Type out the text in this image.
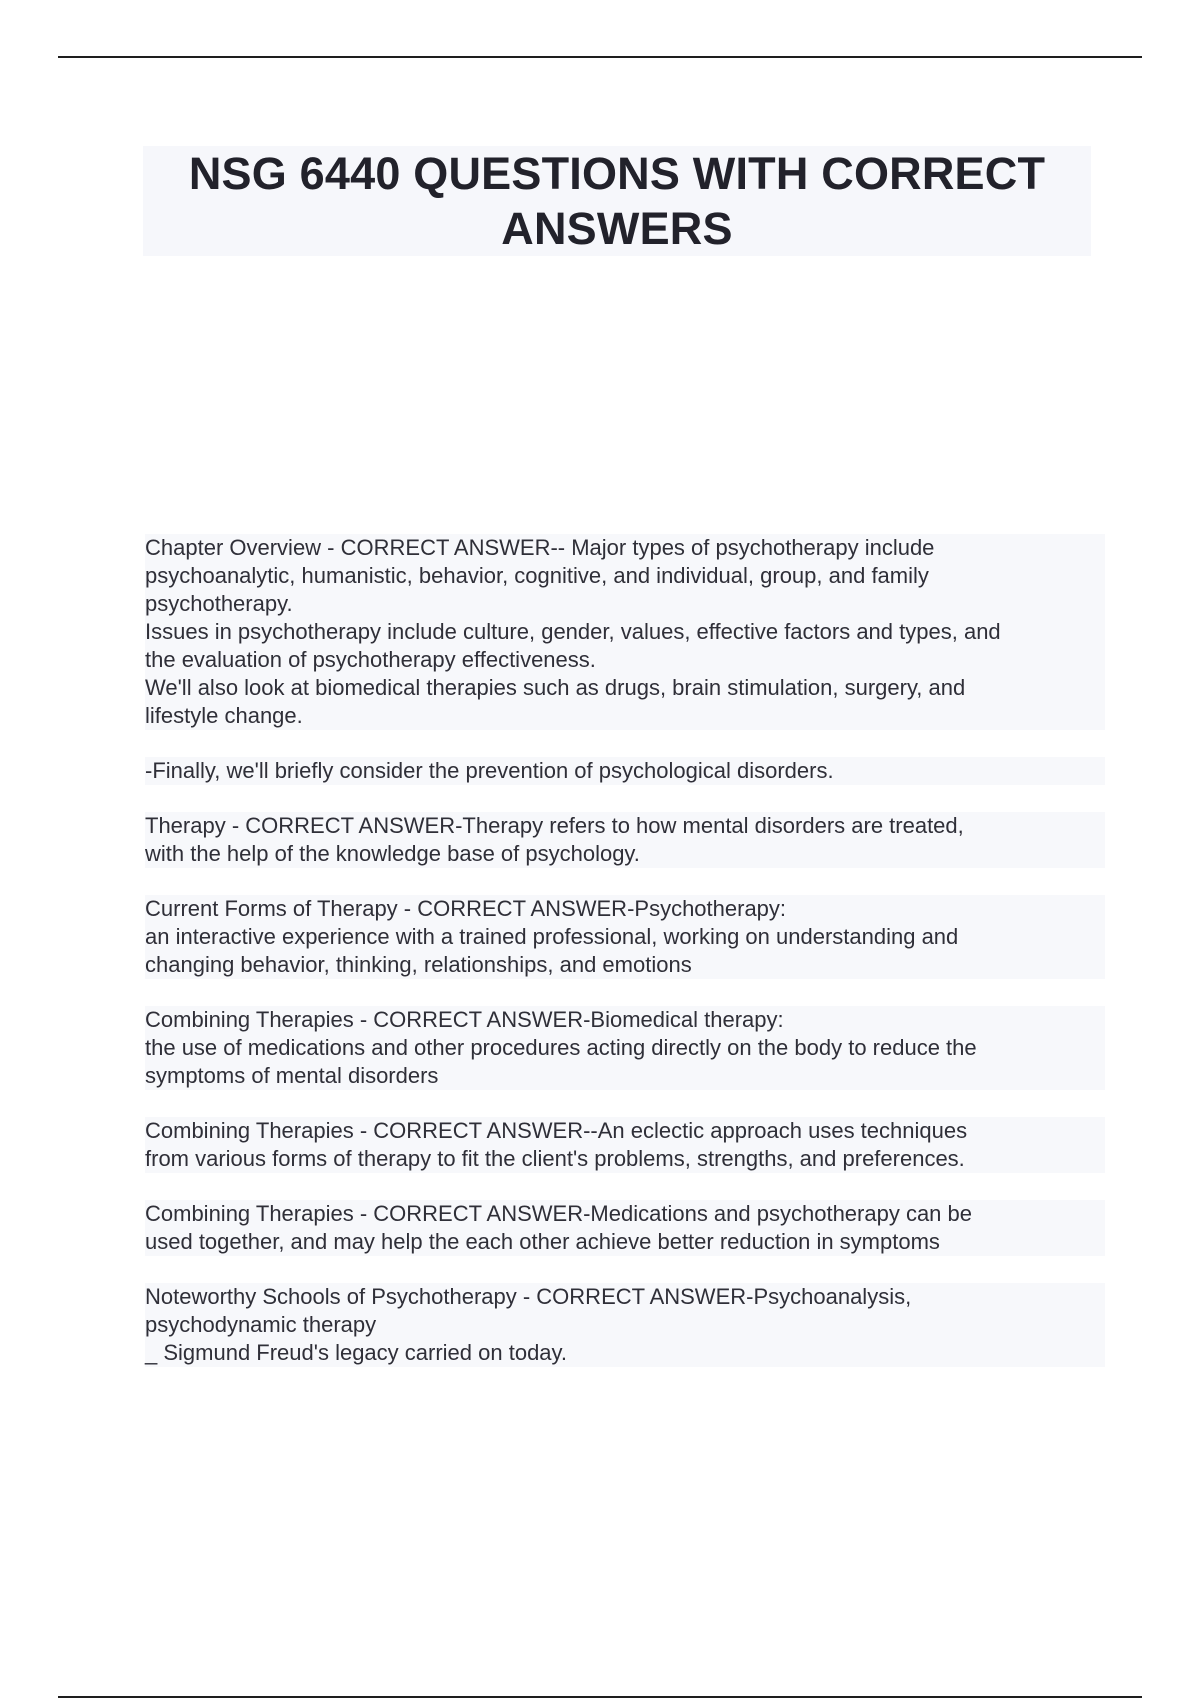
NSG 6440 QUESTIONS WITH CORRECT ANSWERS
Chapter Overview - CORRECT ANSWER-- Major types of psychotherapy include
psychoanalytic, humanistic, behavior, cognitive, and individual, group, and family
psychotherapy.
Issues in psychotherapy include culture, gender, values, effective factors and types, and
the evaluation of psychotherapy effectiveness.
We'll also look at biomedical therapies such as drugs, brain stimulation, surgery, and
lifestyle change.
-Finally, we'll briefly consider the prevention of psychological disorders.
Therapy - CORRECT ANSWER-Therapy refers to how mental disorders are treated,
with the help of the knowledge base of psychology.
Current Forms of Therapy - CORRECT ANSWER-Psychotherapy:
an interactive experience with a trained professional, working on understanding and
changing behavior, thinking, relationships, and emotions
Combining Therapies - CORRECT ANSWER-Biomedical therapy:
the use of medications and other procedures acting directly on the body to reduce the
symptoms of mental disorders
Combining Therapies - CORRECT ANSWER--An eclectic approach uses techniques
from various forms of therapy to fit the client's problems, strengths, and preferences.
Combining Therapies - CORRECT ANSWER-Medications and psychotherapy can be
used together, and may help the each other achieve better reduction in symptoms
Noteworthy Schools of Psychotherapy - CORRECT ANSWER-Psychoanalysis,
psychodynamic therapy
_ Sigmund Freud's legacy carried on today.
